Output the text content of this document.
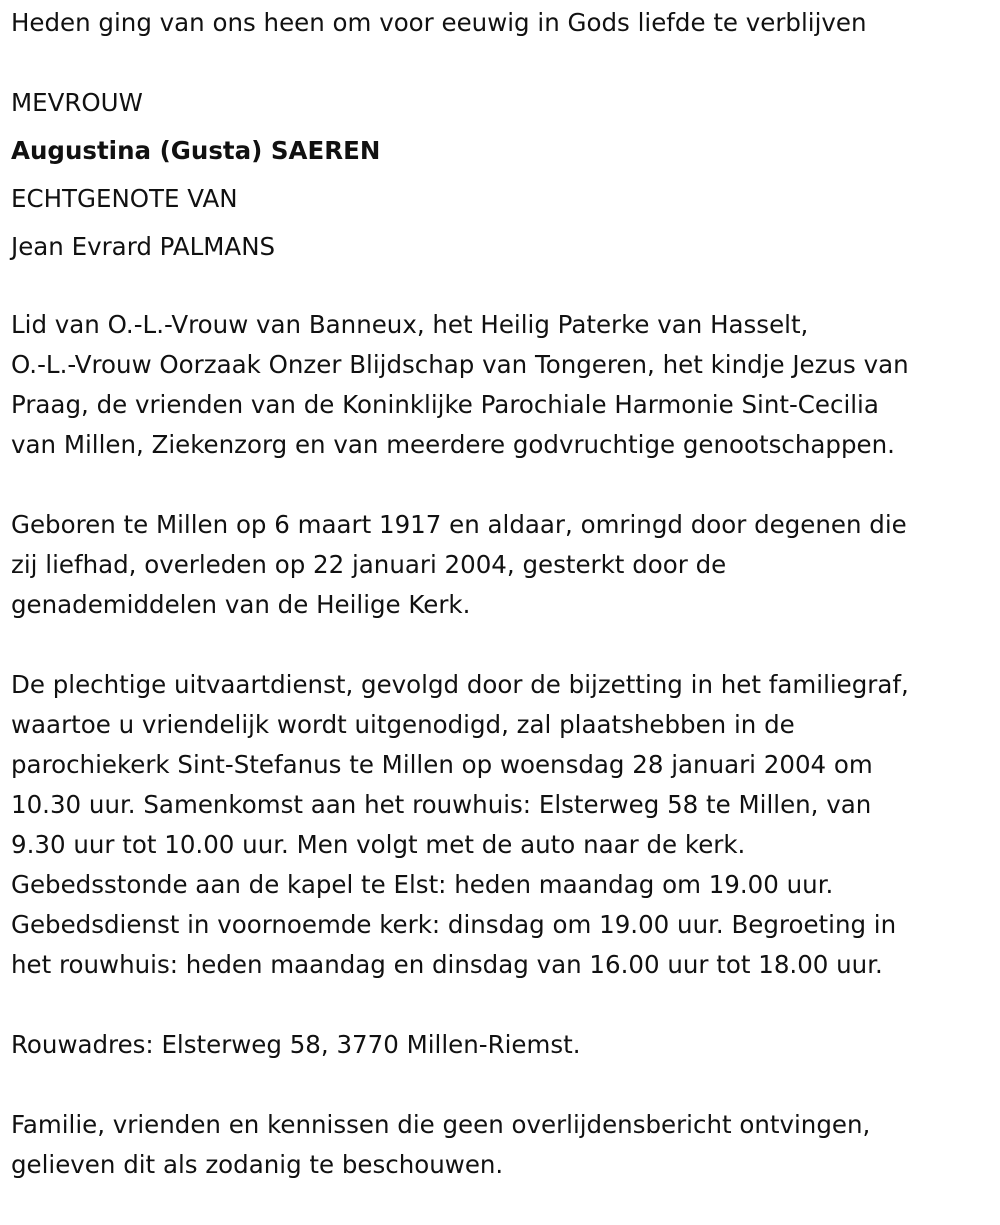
Heden ging van ons heen om voor eeuwig in Gods liefde te verblijven
MEVROUW
Augustina (Gusta) SAEREN
ECHTGENOTE VAN
Jean Evrard PALMANS
Lid van O.-L.-Vrouw van Banneux, het Heilig Paterke van Hasselt,
O.-L.-Vrouw Oorzaak Onzer Blijdschap van Tongeren, het kindje Jezus van
Praag, de vrienden van de Koninklijke Parochiale Harmonie Sint-Cecilia
van Millen, Ziekenzorg en van meerdere godvruchtige genootschappen.
Geboren te Millen op 6 maart 1917 en aldaar, omringd door degenen die
zij liefhad, overleden op 22 januari 2004, gesterkt door de
genademiddelen van de Heilige Kerk.
De plechtige uitvaartdienst, gevolgd door de bijzetting in het familiegraf,
waartoe u vriendelijk wordt uitgenodigd, zal plaatshebben in de
parochiekerk Sint-Stefanus te Millen op woensdag 28 januari 2004 om
10.30 uur. Samenkomst aan het rouwhuis: Elsterweg 58 te Millen, van
9.30 uur tot 10.00 uur. Men volgt met de auto naar de kerk.
Gebedsstonde aan de kapel te Elst: heden maandag om 19.00 uur.
Gebedsdienst in voornoemde kerk: dinsdag om 19.00 uur. Begroeting in
het rouwhuis: heden maandag en dinsdag van 16.00 uur tot 18.00 uur.
Rouwadres: Elsterweg 58, 3770 Millen-Riemst.
Familie, vrienden en kennissen die geen overlijdensbericht ontvingen,
gelieven dit als zodanig te beschouwen.
